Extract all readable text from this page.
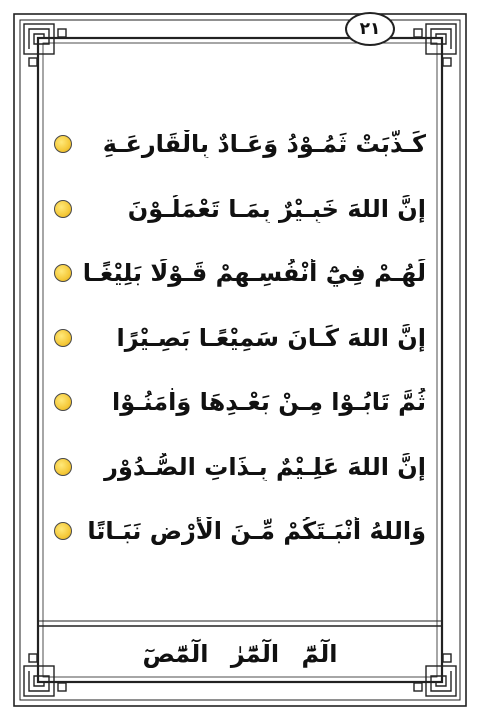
٢١
كَـذَّبَتْ ثَمُـوْدُ وَعَـادٌ بِالْقَارِعَـةِ
إِنَّ اللهَ خَبِـيْرٌ بِمَـا تَعْمَلُـوْنَ
لَهُـمْ فِيْٓ أَنْفُسِـهِمْ قَـوْلًا بَلِيْغًـا
إِنَّ اللهَ كَـانَ سَمِيْعًـا بَصِـيْرًا
ثُمَّ تَابُـوْا مِـنْ بَعْـدِهَا وَاٰمَنُـوْا
إِنَّ اللهَ عَلِـيْمٌ بِـذَاتِ الصُّـدُوْرِ
وَاللهُ أَنْبَـتَكُمْ مِّـنَ الْأَرْضِ نَبَـاتًا
الٓمّٓ الٓمّٓرٰ الٓمّٓصٓ
